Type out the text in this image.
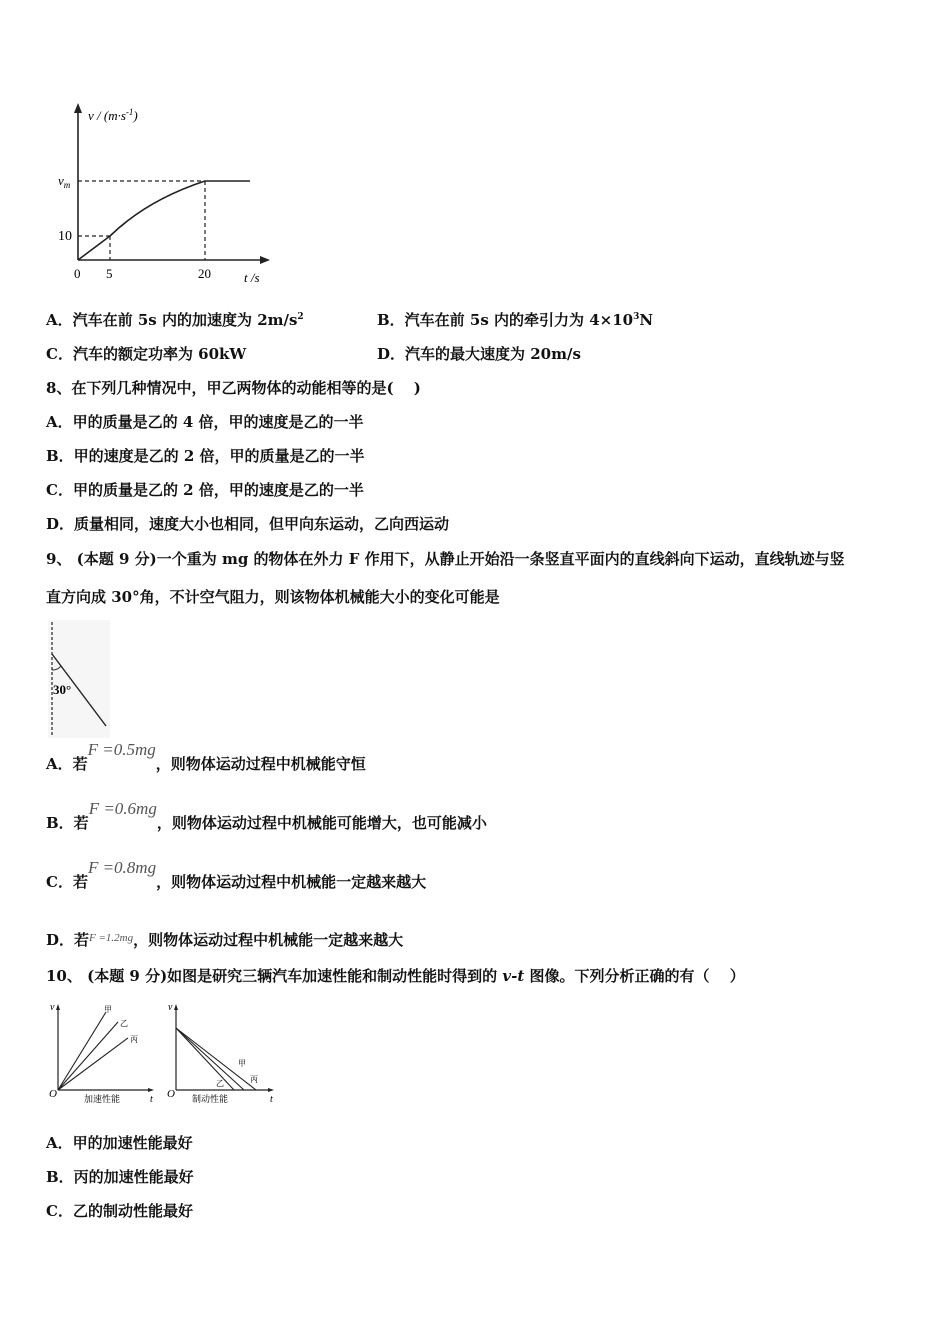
$v / (m\cdot s^{-1})$
$v_m$
10
0 5	20	t /s
A．汽车在前 5s 内的加速度为 $2m/s^2$	B．汽车在前 5s 内的牵引力为 $4\times 10^3N$
C．汽车的额定功率为 60kW	D．汽车的最大速度为 20m/s
8、在下列几种情况中，甲乙两物体的动能相等的是(　 )
A．甲的质量是乙的 4 倍，甲的速度是乙的一半
B．甲的速度是乙的 2 倍，甲的质量是乙的一半
C．甲的质量是乙的 2 倍，甲的速度是乙的一半
D．质量相同，速度大小也相同，但甲向东运动，乙向西运动
9、 (本题 9 分)一个重为 mg 的物体在外力 F 作用下，从静止开始沿一条竖直平面内的直线斜向下运动，直线轨迹与竖
直方向成 30°角，不计空气阻力，则该物体机械能大小的变化可能是
30°
A．若F =0.5mg，则物体运动过程中机械能守恒
B．若F =0.6mg，则物体运动过程中机械能可能增大，也可能减小
C．若F =0.8mg，则物体运动过程中机械能一定越来越大
D．若$^{F =1.2mg}$，则物体运动过程中机械能一定越来越大
10、 (本题 9 分)如图是研究三辆汽车加速性能和制动性能时得到的 v-t 图像。下列分析正确的有（　 ）
v
O	t
加速性能
甲
乙
丙
v
O	t
制动性能
甲
乙	丙
A．甲的加速性能最好
B．丙的加速性能最好
C．乙的制动性能最好
